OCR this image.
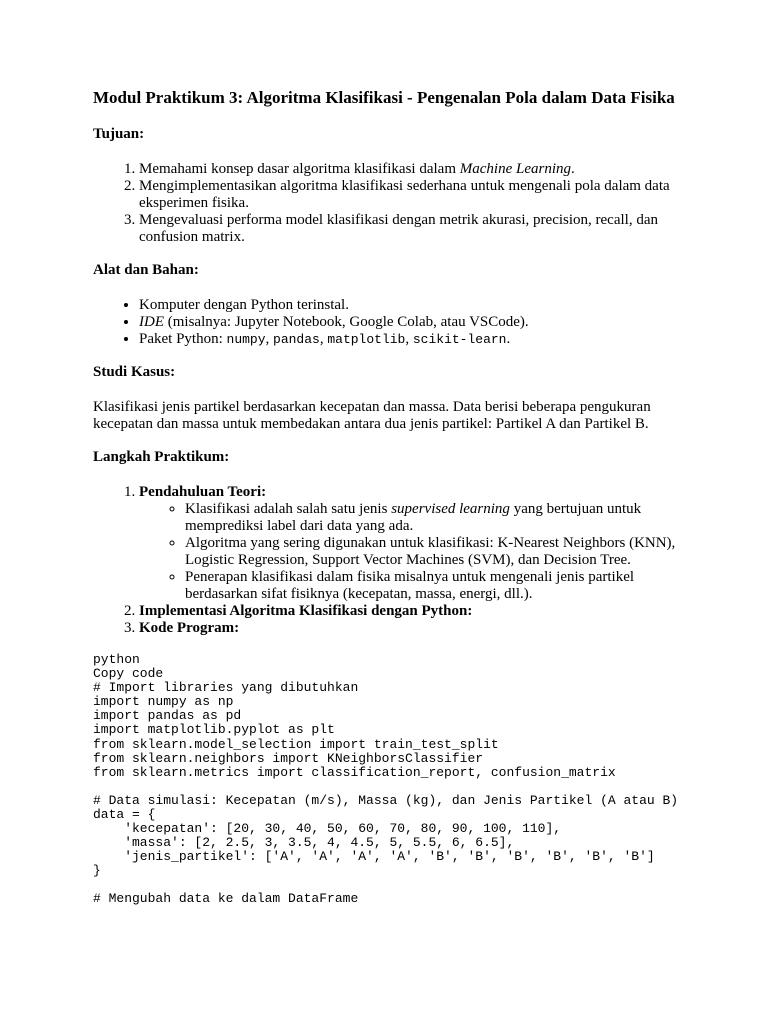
Modul Praktikum 3: Algoritma Klasifikasi - Pengenalan Pola dalam Data Fisika
Tujuan:
1. Memahami konsep dasar algoritma klasifikasi dalam Machine Learning.
2. Mengimplementasikan algoritma klasifikasi sederhana untuk mengenali pola dalam data eksperimen fisika.
3. Mengevaluasi performa model klasifikasi dengan metrik akurasi, precision, recall, dan confusion matrix.
Alat dan Bahan:
• Komputer dengan Python terinstal.
• IDE (misalnya: Jupyter Notebook, Google Colab, atau VSCode).
• Paket Python: numpy, pandas, matplotlib, scikit-learn.
Studi Kasus:

Klasifikasi jenis partikel berdasarkan kecepatan dan massa. Data berisi beberapa pengukuran kecepatan dan massa untuk membedakan antara dua jenis partikel: Partikel A dan Partikel B.

Langkah Praktikum:
1. Pendahuluan Teori:
◦ Klasifikasi adalah salah satu jenis supervised learning yang bertujuan untuk memprediksi label dari data yang ada.
◦ Algoritma yang sering digunakan untuk klasifikasi: K-Nearest Neighbors (KNN), Logistic Regression, Support Vector Machines (SVM), dan Decision Tree.
◦ Penerapan klasifikasi dalam fisika misalnya untuk mengenali jenis partikel berdasarkan sifat fisiknya (kecepatan, massa, energi, dll.).
2. Implementasi Algoritma Klasifikasi dengan Python:
3. Kode Program:
python
Copy code
# Import libraries yang dibutuhkan
import numpy as np
import pandas as pd
import matplotlib.pyplot as plt
from sklearn.model_selection import train_test_split
from sklearn.neighbors import KNeighborsClassifier
from sklearn.metrics import classification_report, confusion_matrix
# Data simulasi: Kecepatan (m/s), Massa (kg), dan Jenis Partikel (A atau B)
data = {
'kecepatan': [20, 30, 40, 50, 60, 70, 80, 90, 100, 110],
'massa': [2, 2.5, 3, 3.5, 4, 4.5, 5, 5.5, 6, 6.5],
'jenis_partikel': ['A', 'A', 'A', 'A', 'B', 'B', 'B', 'B', 'B', 'B']
}
# Mengubah data ke dalam DataFrame
